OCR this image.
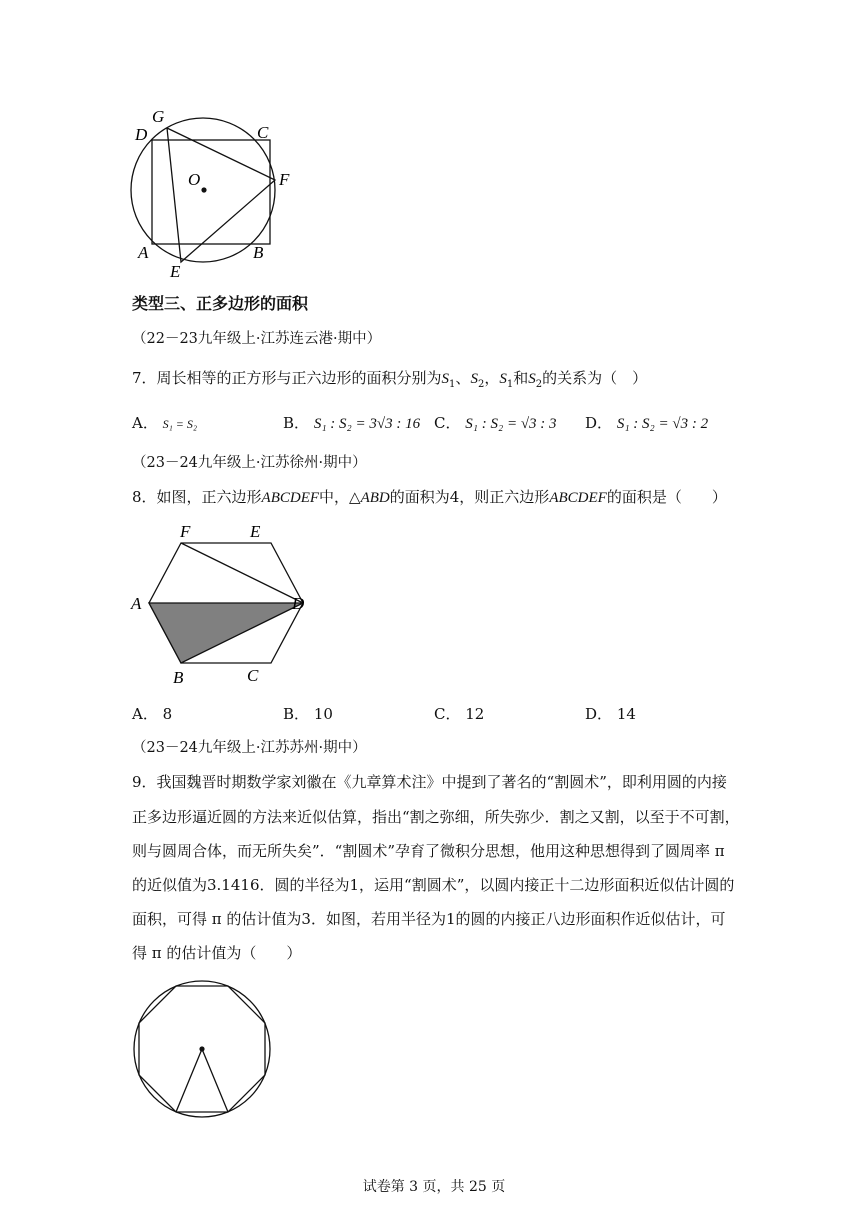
G
D	C
O	F
A	B
E
类型三、正多边形的面积
（22－23九年级上·江苏连云港·期中）
7．周长相等的正方形与正六边形的面积分别为$S_1$、$S_2$，$S_1$和$S_2$的关系为（　）
A． S₁ = S₂	B． S₁ : S₂ = 3√3 : 16 C． S₁ : S₂ = √3 : 3 D． S₁ : S₂ = √3 : 2
（23－24九年级上·江苏徐州·期中）
8．如图，正六边形ABCDEF中，△ABD的面积为4，则正六边形ABCDEF的面积是（　　）
F	E
A	D
B	C
A． 8	B． 10	C． 12	D． 14
（23－24九年级上·江苏苏州·期中）
9．我国魏晋时期数学家刘徽在《九章算术注》中提到了著名的“割圆术”，即利用圆的内接
正多边形逼近圆的方法来近似估算，指出“割之弥细，所失弥少．割之又割，以至于不可割，
则与圆周合体，而无所失矣”．“割圆术”孕育了微积分思想，他用这种思想得到了圆周率 π
的近似值为3.1416．圆的半径为1，运用“割圆术”，以圆内接正十二边形面积近似估计圆的
面积，可得 π 的估计值为3．如图，若用半径为1的圆的内接正八边形面积作近似估计，可
得 π 的估计值为（　　）
试卷第 3 页，共 25 页
